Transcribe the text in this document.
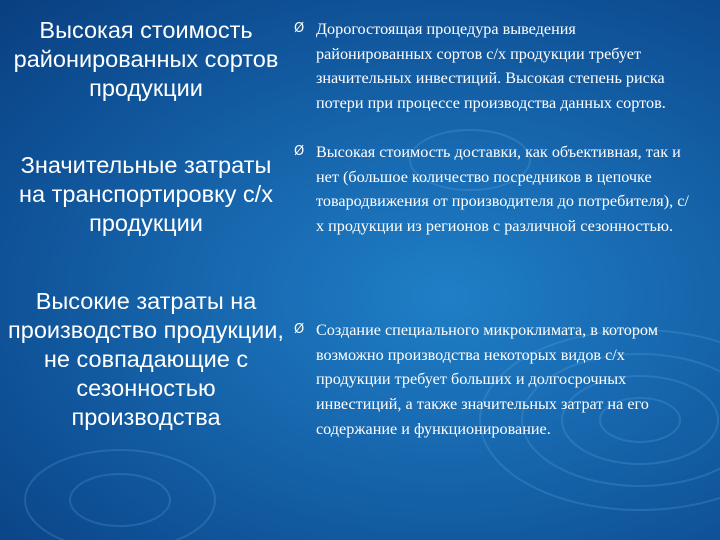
Высокая стоимость районированных сортов продукции
Ø Дорогостоящая процедура выведения районированных сортов с/х продукции требует значительных инвестиций. Высокая степень риска потери при процессе производства данных сортов.
Значительные затраты на транспортировку с/х продукции
Ø Высокая стоимость доставки, как объективная, так и нет (большое количество посредников в цепочке товародвижения от производителя до потребителя), с/х продукции из регионов с различной сезонностью.
Высокие затраты на производство продукции, не совпадающие с сезонностью производства
Ø Создание специального микроклимата, в котором возможно производства некоторых видов с/х продукции требует больших и долгосрочных инвестиций, а также значительных затрат на его содержание и функционирование.
